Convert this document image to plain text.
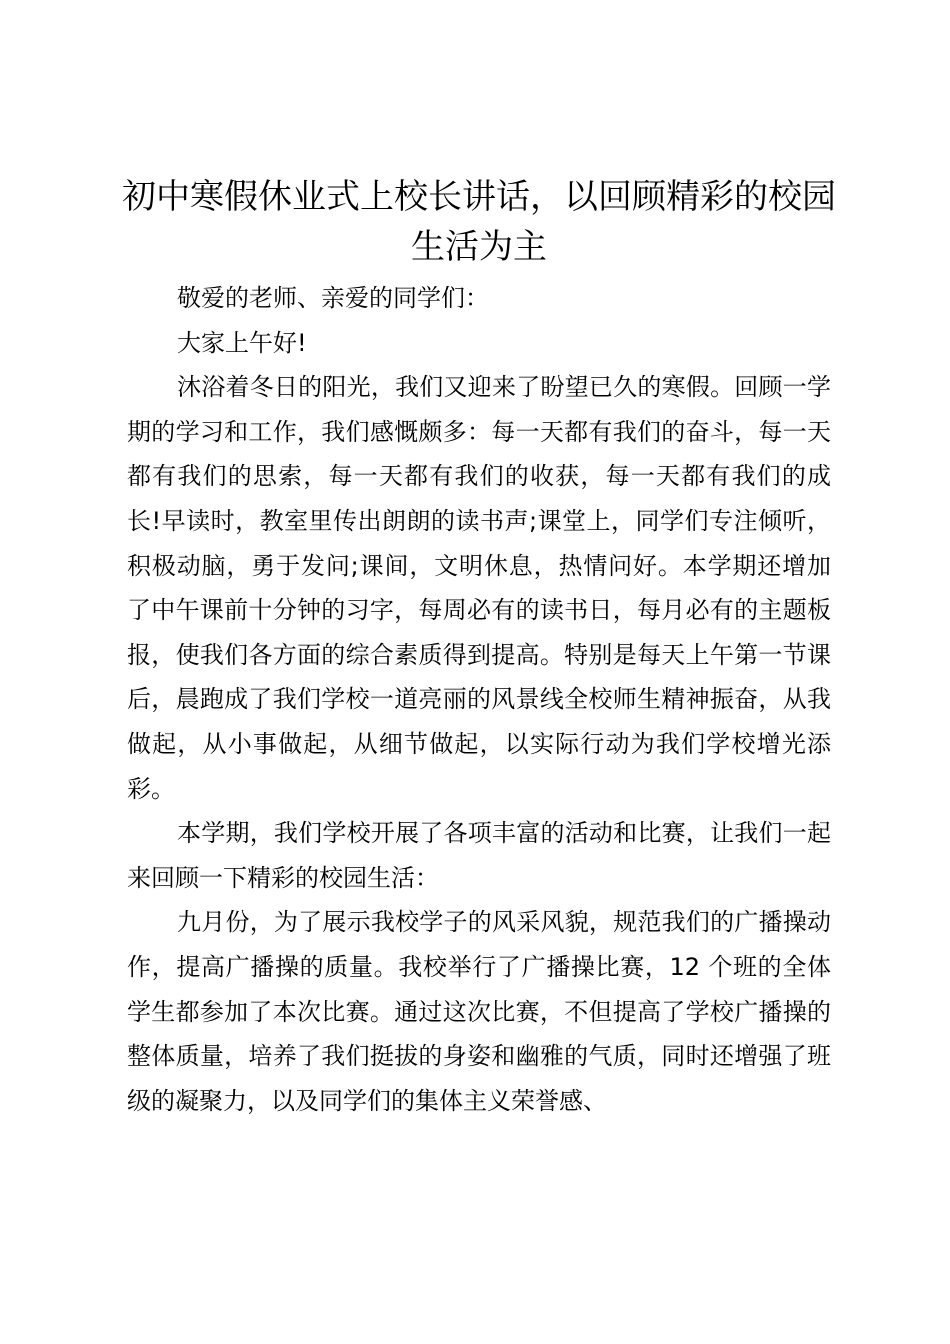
初中寒假休业式上校长讲话，以回顾精彩的校园生活为主

敬爱的老师、亲爱的同学们：

大家上午好!

沐浴着冬日的阳光，我们又迎来了盼望已久的寒假。回顾一学期的学习和工作，我们感慨颇多：每一天都有我们的奋斗，每一天都有我们的思索，每一天都有我们的收获，每一天都有我们的成长!早读时，教室里传出朗朗的读书声;课堂上，同学们专注倾听，积极动脑，勇于发问;课间，文明休息，热情问好。本学期还增加了中午课前十分钟的习字，每周必有的读书日，每月必有的主题板报，使我们各方面的综合素质得到提高。特别是每天上午第一节课后，晨跑成了我们学校一道亮丽的风景线全校师生精神振奋，从我做起，从小事做起，从细节做起，以实际行动为我们学校增光添彩。

本学期，我们学校开展了各项丰富的活动和比赛，让我们一起来回顾一下精彩的校园生活：

九月份，为了展示我校学子的风采风貌，规范我们的广播操动作，提高广播操的质量。我校举行了广播操比赛，12 个班的全体学生都参加了本次比赛。通过这次比赛，不但提高了学校广播操的整体质量，培养了我们挺拔的身姿和幽雅的气质，同时还增强了班级的凝聚力，以及同学们的集体主义荣誉感、
